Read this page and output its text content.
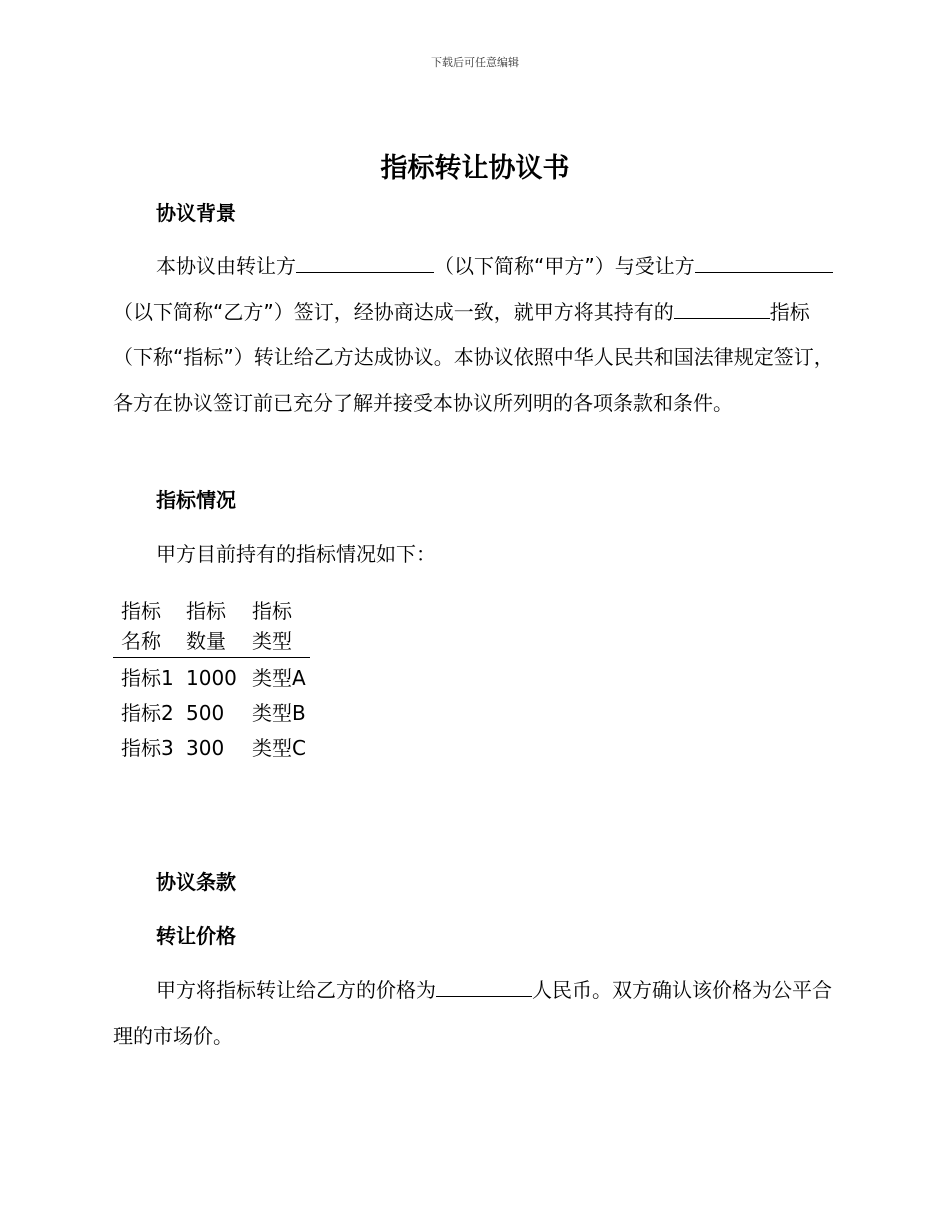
下载后可任意编辑
指标转让协议书
协议背景

本协议由转让方	（以下简称“甲方”）与受让方（以下简称“乙方”）签订，经协商达成一致，就甲方将其持有的	指标（下称“指标”）转让给乙方达成协议。本协议依照中华人民共和国法律规定签订，各方在协议签订前已充分了解并接受本协议所列明的各项条款和条件。

指标情况

甲方目前持有的指标情况如下：

指标名称	指标数量	指标类型
指标1	1000	类型A
指标2	500	类型B
指标3	300	类型C
协议条款
转让价格

甲方将指标转让给乙方的价格为	人民币。双方确认该价格为公平合理的市场价。
